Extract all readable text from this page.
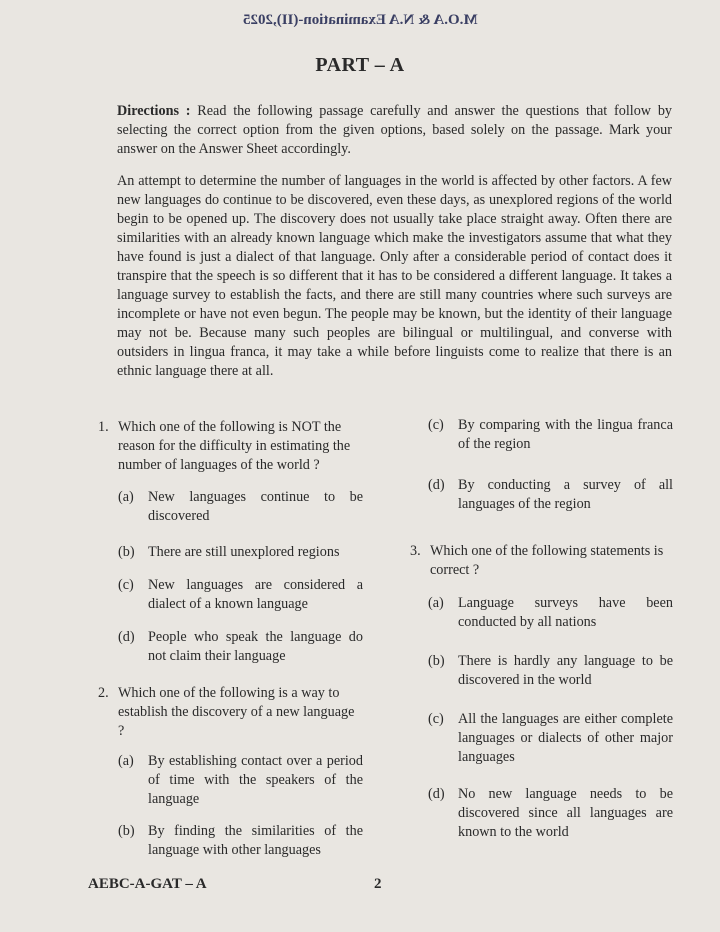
M.O.A & N.A Examination-(II),2025
PART – A
Directions : Read the following passage carefully and answer the questions that follow by selecting the correct option from the given options, based solely on the passage. Mark your answer on the Answer Sheet accordingly.
An attempt to determine the number of languages in the world is affected by other factors. A few new languages do continue to be discovered, even these days, as unexplored regions of the world begin to be opened up. The discovery does not usually take place straight away. Often there are similarities with an already known language which make the investigators assume that what they have found is just a dialect of that language. Only after a considerable period of contact does it transpire that the speech is so different that it has to be considered a different language. It takes a language survey to establish the facts, and there are still many countries where such surveys are incomplete or have not even begun. The people may be known, but the identity of their language may not be. Because many such peoples are bilingual or multilingual, and converse with outsiders in lingua franca, it may take a while before linguists come to realize that there is an ethnic language there at all.
1. Which one of the following is NOT the reason for the difficulty in estimating the number of languages of the world ?
(a) New languages continue to be discovered
(b) There are still unexplored regions
(c) New languages are considered a dialect of a known language
(d) People who speak the language do not claim their language
2. Which one of the following is a way to establish the discovery of a new language ?
(a) By establishing contact over a period of time with the speakers of the language
(b) By finding the similarities of the language with other languages
(c) By comparing with the lingua franca of the region
(d) By conducting a survey of all languages of the region
3. Which one of the following statements is correct ?
(a) Language surveys have been conducted by all nations
(b) There is hardly any language to be discovered in the world
(c) All the languages are either complete languages or dialects of other major languages
(d) No new language needs to be discovered since all languages are known to the world
AEBC-A-GAT – A	2
